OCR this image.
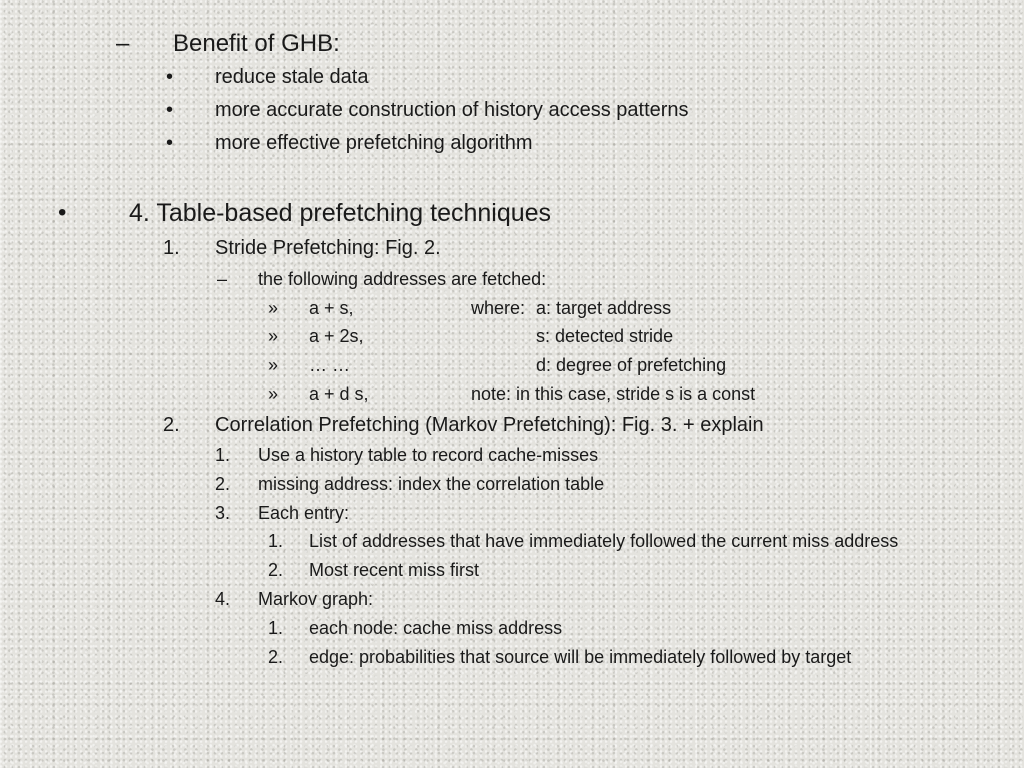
– Benefit of GHB:
• reduce stale data
• more accurate construction of history access patterns
• more effective prefetching algorithm
•	4. Table-based prefetching techniques
1. Stride Prefetching: Fig. 2.
– the following addresses are fetched:
» a + s,	where: a: target address
» a + 2s,	s: detected stride
» … …	d: degree of prefetching
» a + d s,	note: in this case, stride s is a const
2. Correlation Prefetching (Markov Prefetching): Fig. 3. + explain
1. Use a history table to record cache-misses
2. missing address: index the correlation table
3. Each entry:
1. List of addresses that have immediately followed the current miss address
2. Most recent miss first
4. Markov graph:
1. each node: cache miss address
2. edge: probabilities that source will be immediately followed by target
